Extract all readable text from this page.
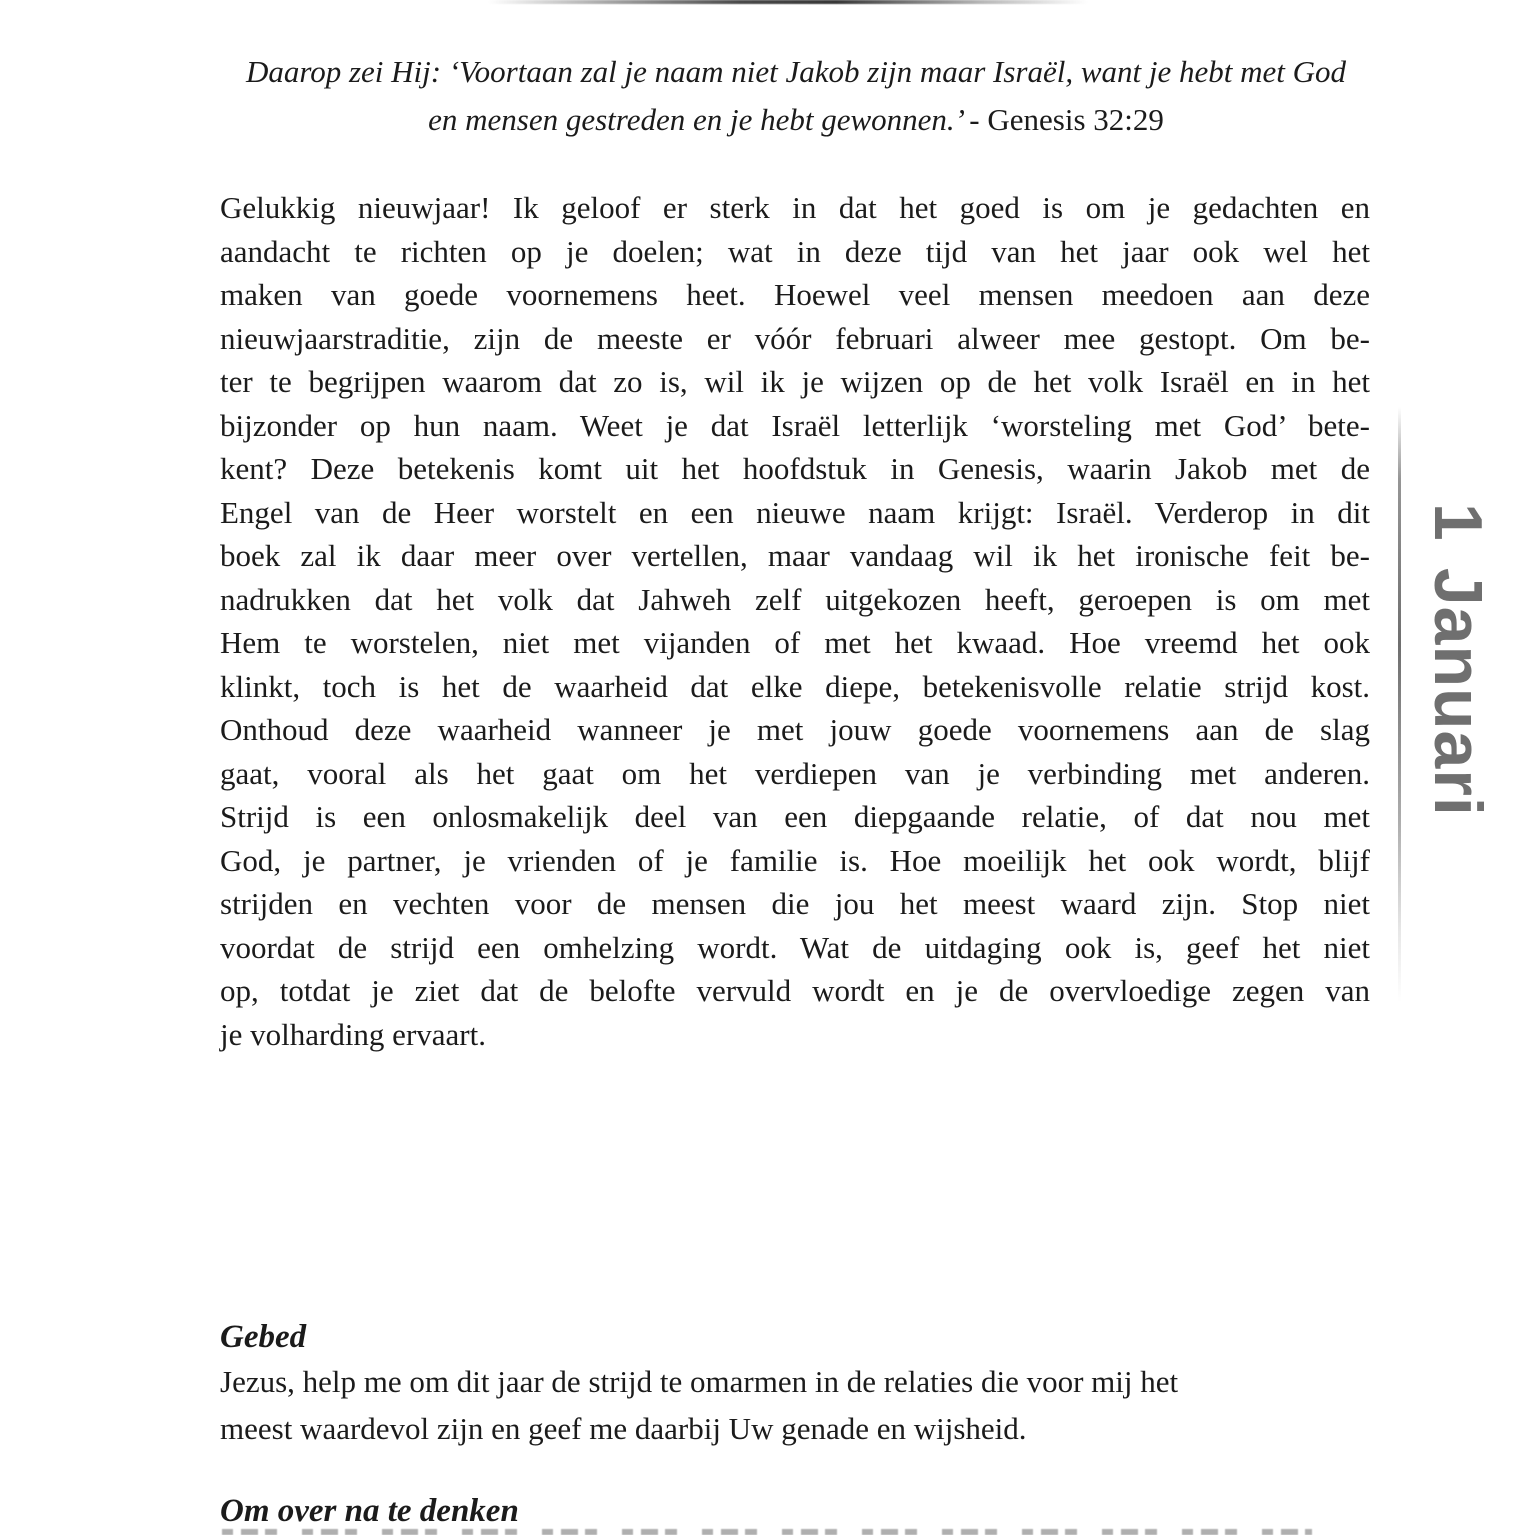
Daarop zei Hij: ‘Voortaan zal je naam niet Jakob zijn maar Israël, want je hebt met God
en mensen gestreden en je hebt gewonnen.’ - Genesis 32:29
Gelukkig nieuwjaar! Ik geloof er sterk in dat het goed is om je gedachten en
aandacht te richten op je doelen; wat in deze tijd van het jaar ook wel het
maken van goede voornemens heet. Hoewel veel mensen meedoen aan deze
nieuwjaarstraditie, zijn de meeste er vóór februari alweer mee gestopt. Om be-
ter te begrijpen waarom dat zo is, wil ik je wijzen op de het volk Israël en in het
bijzonder op hun naam. Weet je dat Israël letterlijk ‘worsteling met God’ bete-
kent? Deze betekenis komt uit het hoofdstuk in Genesis, waarin Jakob met de
Engel van de Heer worstelt en een nieuwe naam krijgt: Israël. Verderop in dit
boek zal ik daar meer over vertellen, maar vandaag wil ik het ironische feit be-
nadrukken dat het volk dat Jahweh zelf uitgekozen heeft, geroepen is om met
Hem te worstelen, niet met vijanden of met het kwaad. Hoe vreemd het ook
klinkt, toch is het de waarheid dat elke diepe, betekenisvolle relatie strijd kost.
Onthoud deze waarheid wanneer je met jouw goede voornemens aan de slag
gaat, vooral als het gaat om het verdiepen van je verbinding met anderen.
Strijd is een onlosmakelijk deel van een diepgaande relatie, of dat nou met
God, je partner, je vrienden of je familie is. Hoe moeilijk het ook wordt, blijf
strijden en vechten voor de mensen die jou het meest waard zijn. Stop niet
voordat de strijd een omhelzing wordt. Wat de uitdaging ook is, geef het niet
op, totdat je ziet dat de belofte vervuld wordt en je de overvloedige zegen van
je volharding ervaart.
Gebed
Jezus, help me om dit jaar de strijd te omarmen in de relaties die voor mij het
meest waardevol zijn en geef me daarbij Uw genade en wijsheid.
Om over na te denken
1Januari
